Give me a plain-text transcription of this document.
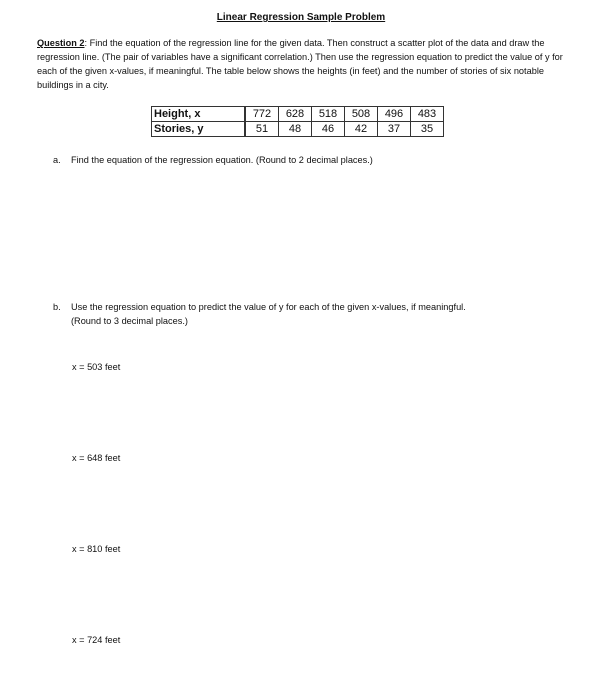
Linear Regression Sample Problem
Question 2: Find the equation of the regression line for the given data. Then construct a scatter plot of the data and draw the regression line. (The pair of variables have a significant correlation.) Then use the regression equation to predict the value of y for each of the given x-values, if meaningful. The table below shows the heights (in feet) and the number of stories of six notable buildings in a city.
Height, x	772	628	518	508	496	483
Stories, y	51	48	46	42	37	35
a. Find the equation of the regression equation. (Round to 2 decimal places.)
b. Use the regression equation to predict the value of y for each of the given x-values, if meaningful.
(Round to 3 decimal places.)
x = 503 feet
x = 648 feet
x = 810 feet
x = 724 feet
